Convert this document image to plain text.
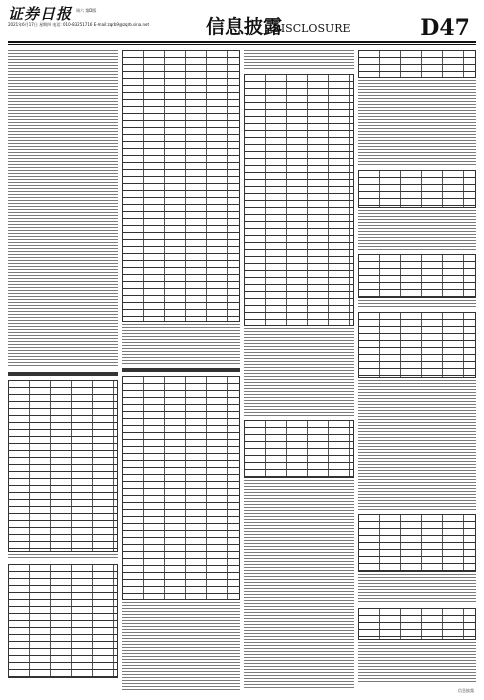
证券日报 周六 第D版
2021年6月17日 星期四 电话: 010-83251716 E-mail:zqrb9@zqrb.sina.net	信息披露
DISCLOSURE	D47
信息披露
